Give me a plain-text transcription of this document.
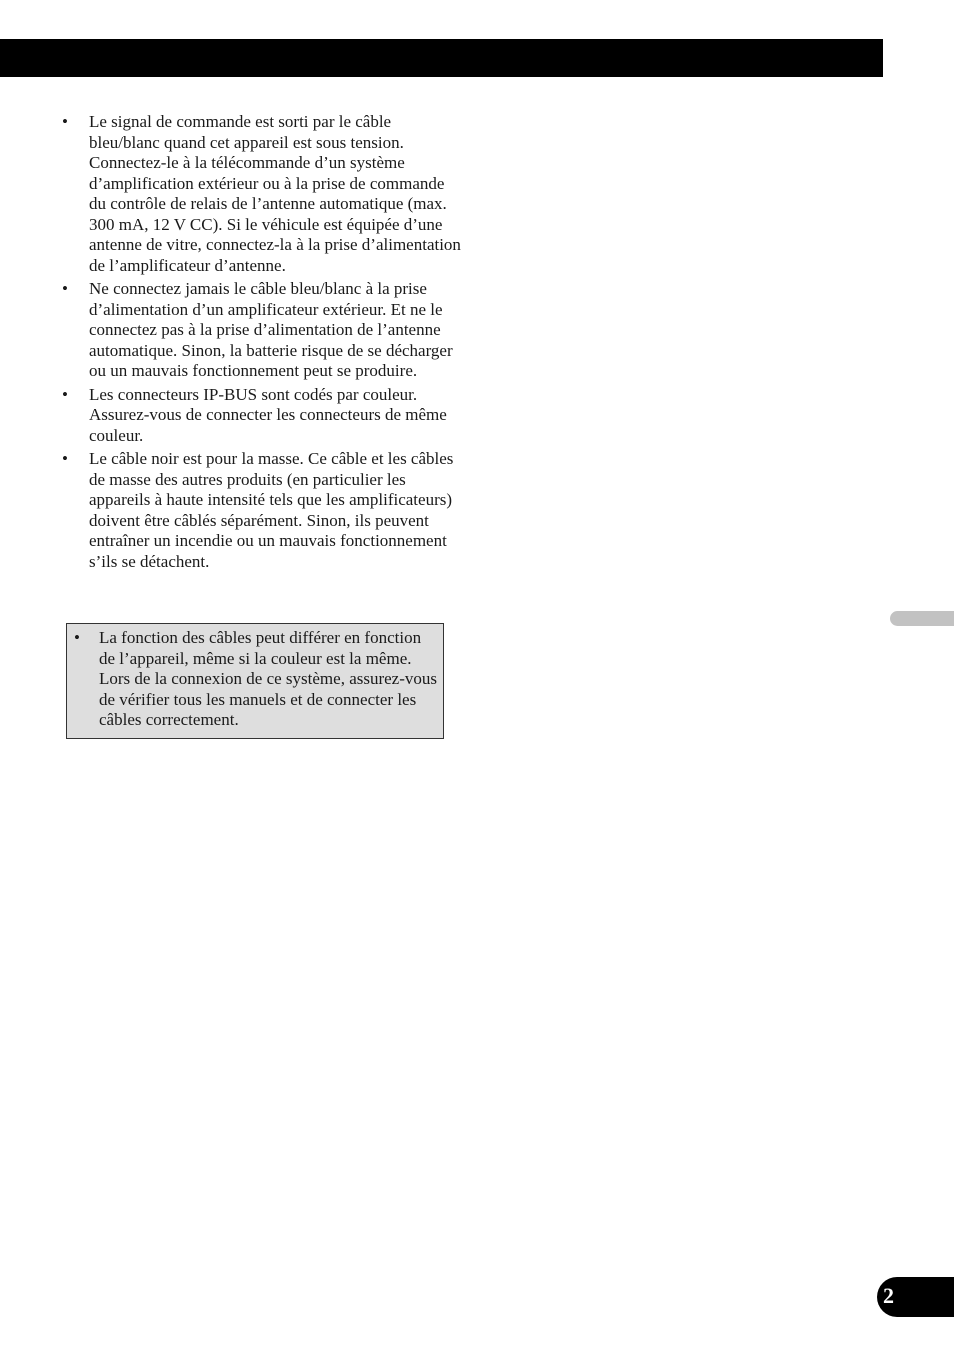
• Le signal de commande est sorti par le câble bleu/blanc quand cet appareil est sous tension. Connectez-le à la télécommande d’un système d’amplification extérieur ou à la prise de commande du contrôle de relais de l’antenne automatique (max. 300 mA, 12 V CC). Si le véhicule est équipée d’une antenne de vitre, connectez-la à la prise d’alimentation de l’amplificateur d’antenne.
• Ne connectez jamais le câble bleu/blanc à la prise d’alimentation d’un amplificateur extérieur. Et ne le connectez pas à la prise d’alimentation de l’antenne automatique. Sinon, la batterie risque de se décharger ou un mauvais fonctionnement peut se produire.
• Les connecteurs IP-BUS sont codés par couleur. Assurez-vous de connecter les connecteurs de même couleur.
• Le câble noir est pour la masse. Ce câble et les câbles de masse des autres produits (en particulier les appareils à haute intensité tels que les amplificateurs) doivent être câblés séparément. Sinon, ils peuvent entraîner un incendie ou un mauvais fonctionnement s’ils se détachent.
• La fonction des câbles peut différer en fonction de l’appareil, même si la couleur est la même. Lors de la connexion de ce système, assurez-vous de vérifier tous les manuels et de connecter les câbles correctement.
2
